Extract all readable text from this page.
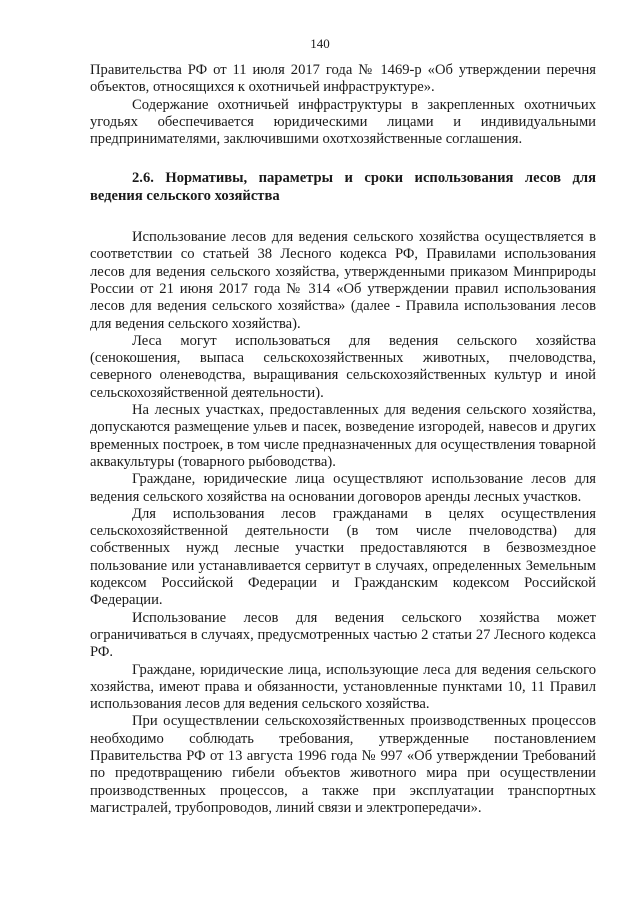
140

Правительства РФ от 11 июля 2017 года № 1469-р «Об утверждении перечня объектов, относящихся к охотничьей инфраструктуре».

Содержание охотничьей инфраструктуры в закрепленных охотничьих угодьях обеспечивается юридическими лицами и индивидуальными предпринимателями, заключившими охотхозяйственные соглашения.

2.6. Нормативы, параметры и сроки использования лесов для ведения сельского хозяйства

Использование лесов для ведения сельского хозяйства осуществляется в соответствии со статьей 38 Лесного кодекса РФ, Правилами использования лесов для ведения сельского хозяйства, утвержденными приказом Минприроды России от 21 июня 2017 года № 314 «Об утверждении правил использования лесов для ведения сельского хозяйства» (далее - Правила использования лесов для ведения сельского хозяйства).

Леса могут использоваться для ведения сельского хозяйства (сенокошения, выпаса сельскохозяйственных животных, пчеловодства, северного оленеводства, выращивания сельскохозяйственных культур и иной сельскохозяйственной деятельности).

На лесных участках, предоставленных для ведения сельского хозяйства, допускаются размещение ульев и пасек, возведение изгородей, навесов и других временных построек, в том числе предназначенных для осуществления товарной аквакультуры (товарного рыбоводства).

Граждане, юридические лица осуществляют использование лесов для ведения сельского хозяйства на основании договоров аренды лесных участков.

Для использования лесов гражданами в целях осуществления сельскохозяйственной деятельности (в том числе пчеловодства) для собственных нужд лесные участки предоставляются в безвозмездное пользование или устанавливается сервитут в случаях, определенных Земельным кодексом Российской Федерации и Гражданским кодексом Российской Федерации.

Использование лесов для ведения сельского хозяйства может ограничиваться в случаях, предусмотренных частью 2 статьи 27 Лесного кодекса РФ.

Граждане, юридические лица, использующие леса для ведения сельского хозяйства, имеют права и обязанности, установленные пунктами 10, 11 Правил использования лесов для ведения сельского хозяйства.

При осуществлении сельскохозяйственных производственных процессов необходимо соблюдать требования, утвержденные постановлением Правительства РФ от 13 августа 1996 года № 997 «Об утверждении Требований по предотвращению гибели объектов животного мира при осуществлении производственных процессов, а также при эксплуатации транспортных магистралей, трубопроводов, линий связи и электропередачи».
